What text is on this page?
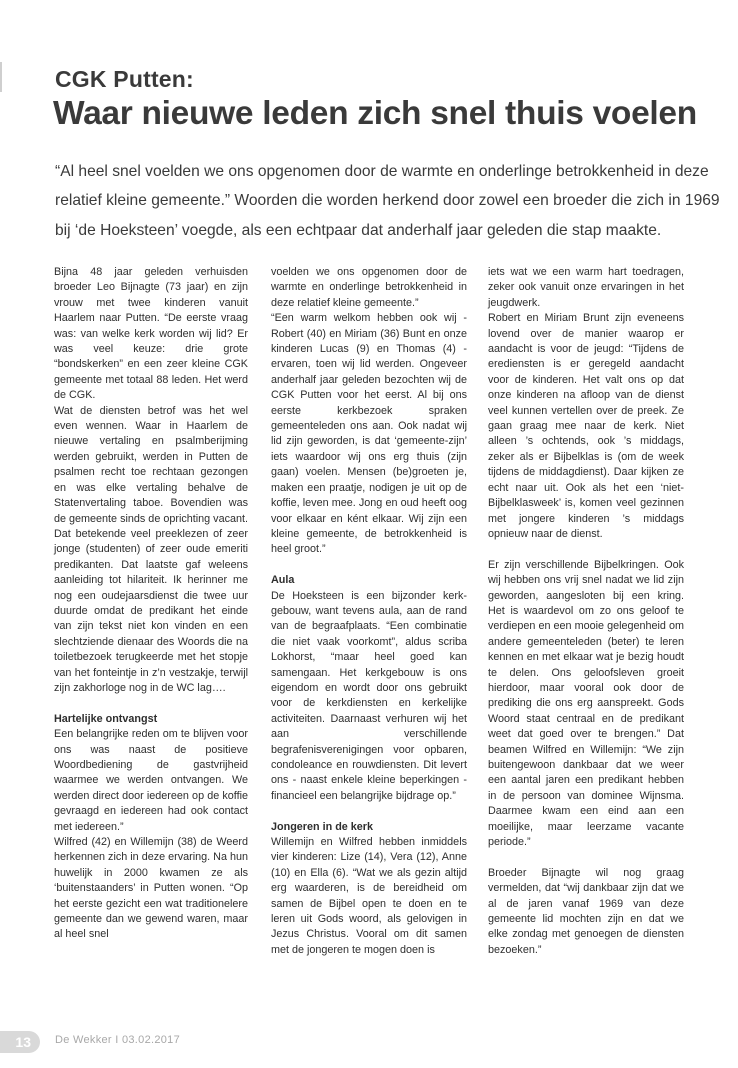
CGK Putten:
Waar nieuwe leden zich snel thuis voelen
“Al heel snel voelden we ons opgenomen door de warmte en onderlinge betrokkenheid in deze
relatief kleine gemeente.” Woorden die worden herkend door zowel een broeder die zich in 1969
bij ‘de Hoeksteen’ voegde, als een echtpaar dat anderhalf jaar geleden die stap maakte.

Bijna 48 jaar geleden verhuisden broeder Leo Bijnagte (73 jaar) en zijn vrouw met twee kinderen vanuit Haarlem naar Putten. “De eerste vraag was: van welke kerk worden wij lid? Er was veel keuze: drie grote “bondskerken” en een zeer kleine CGK gemeente met totaal 88 leden. Het werd de CGK.

Wat de diensten betrof was het wel even wennen. Waar in Haarlem de nieuwe vertaling en psalmberijming werden gebruikt, werden in Putten de psalmen recht toe rechtaan gezongen en was elke vertaling behalve de Statenvertaling taboe. Bovendien was de gemeente sinds de oprichting vacant. Dat betekende veel preeklezen of zeer jonge (studenten) of zeer oude emeriti predikanten. Dat laatste gaf weleens aanleiding tot hilariteit. Ik herinner me nog een oudejaarsdienst die twee uur duurde omdat de predikant het einde van zijn tekst niet kon vinden en een slechtziende dienaar des Woords die na toiletbezoek terugkeerde met het stopje van het fonteintje in z’n vestzakje, terwijl zijn zakhorloge nog in de WC lag….

Hartelijke ontvangst

Een belangrijke reden om te blijven voor ons was naast de positieve Woordbediening de gastvrijheid waarmee we werden ontvangen. We werden direct door iedereen op de koffie gevraagd en iedereen had ook contact met iedereen.”

Wilfred (42) en Willemijn (38) de Weerd herkennen zich in deze ervaring. Na hun huwelijk in 2000 kwamen ze als ‘buitenstaanders’ in Putten wonen. “Op het eerste gezicht een wat traditionelere gemeente dan we gewend waren, maar al heel snel

voelden we ons opgenomen door de warmte en onderlinge betrokkenheid in deze relatief kleine gemeente.”

“Een warm welkom hebben ook wij - Robert (40) en Miriam (36) Bunt en onze kinderen Lucas (9) en Thomas (4) - ervaren, toen wij lid werden. Ongeveer anderhalf jaar geleden bezochten wij de CGK Putten voor het eerst. Al bij ons eerste kerkbezoek spraken gemeenteleden ons aan. Ook nadat wij lid zijn geworden, is dat ‘gemeente-zijn’ iets waardoor wij ons erg thuis (zijn gaan) voelen. Mensen (be)groeten je, maken een praatje, nodigen je uit op de koffie, leven mee. Jong en oud heeft oog voor elkaar en ként elkaar. Wij zijn een kleine gemeente, de betrokkenheid is heel groot.”

Aula

De Hoeksteen is een bijzonder kerk-gebouw, want tevens aula, aan de rand van de begraafplaats. “Een combinatie die niet vaak voorkomt”, aldus scriba Lokhorst, “maar heel goed kan samengaan. Het kerkgebouw is ons eigendom en wordt door ons gebruikt voor de kerkdiensten en kerkelijke activiteiten. Daarnaast verhuren wij het aan verschillende begrafenisverenigingen voor opbaren, condoleance en rouwdiensten. Dit levert ons - naast enkele kleine beperkingen - financieel een belangrijke bijdrage op.”

Jongeren in de kerk

Willemijn en Wilfred hebben inmiddels vier kinderen: Lize (14), Vera (12), Anne (10) en Ella (6). “Wat we als gezin altijd erg waarderen, is de bereidheid om samen de Bijbel open te doen en te leren uit Gods woord, als gelovigen in Jezus Christus. Vooral om dit samen met de jongeren te mogen doen is

iets wat we een warm hart toedragen, zeker ook vanuit onze ervaringen in het jeugdwerk.

Robert en Miriam Brunt zijn eveneens lovend over de manier waarop er aandacht is voor de jeugd: “Tijdens de erediensten is er geregeld aandacht voor de kinderen. Het valt ons op dat onze kinderen na afloop van de dienst veel kunnen vertellen over de preek. Ze gaan graag mee naar de kerk. Niet alleen ’s ochtends, ook ’s middags, zeker als er Bijbelklas is (om de week tijdens de middagdienst). Daar kijken ze echt naar uit. Ook als het een ‘niet-Bijbelklasweek’ is, komen veel gezinnen met jongere kinderen ’s middags opnieuw naar de dienst.

Er zijn verschillende Bijbelkringen. Ook wij hebben ons vrij snel nadat we lid zijn geworden, aangesloten bij een kring. Het is waardevol om zo ons geloof te verdiepen en een mooie gelegenheid om andere gemeenteleden (beter) te leren kennen en met elkaar wat je bezig houdt te delen. Ons geloofsleven groeit hierdoor, maar vooral ook door de prediking die ons erg aanspreekt. Gods Woord staat centraal en de predikant weet dat goed over te brengen.” Dat beamen Wilfred en Willemijn: “We zijn buitengewoon dankbaar dat we weer een aantal jaren een predikant hebben in de persoon van dominee Wijnsma. Daarmee kwam een eind aan een moeilijke, maar leerzame vacante periode.”

Broeder Bijnagte wil nog graag vermelden, dat “wij dankbaar zijn dat we al de jaren vanaf 1969 van deze gemeente lid mochten zijn en dat we elke zondag met genoegen de diensten bezoeken.”

13	De Wekker I 03.02.2017
